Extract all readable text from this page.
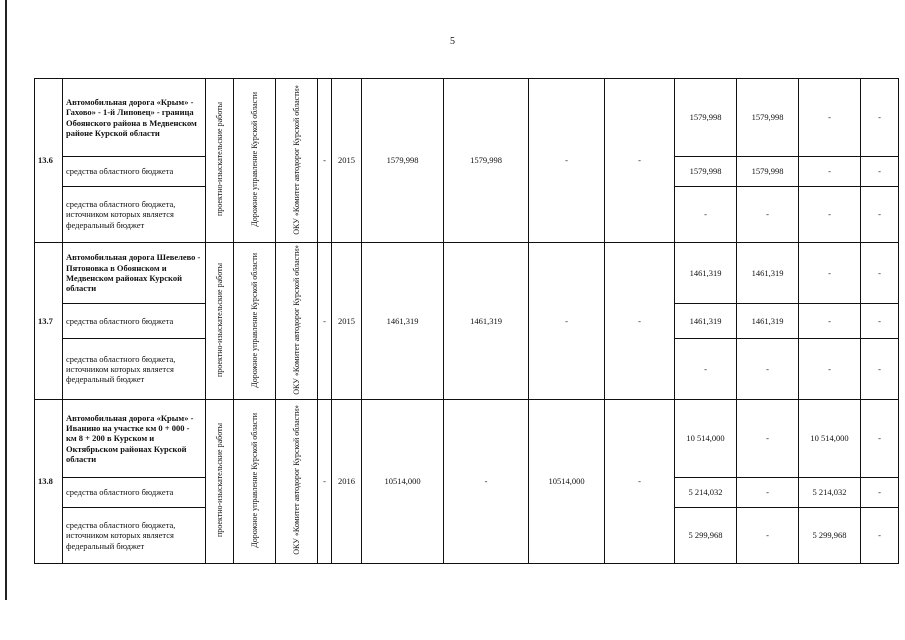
5
13.6	Автомобильная дорога «Крым» - Гахово» - 1-й Липовец» - граница Обоянского района в Медвенском районе Курской области	проектно-изыскательские работы	Дорожное управление Курской области	ОКУ «Комитет автодорог Курской области»	-	2015	1579,998	1579,998	-	-	1579,998	1579,998	-	-
	средства областного бюджета										1579,998	1579,998	-	-
	средства областного бюджета, источником которых является федеральный бюджет										-	-	-	-
13.7	Автомобильная дорога Шевелево - Пятоновка в Обоянском и Медвенском районах Курской области	проектно-изыскательские работы	Дорожное управление Курской области	ОКУ «Комитет автодорог Курской области»	-	2015	1461,319	1461,319	-	-	1461,319	1461,319	-	-
	средства областного бюджета										1461,319	1461,319	-	-
	средства областного бюджета, источником которых является федеральный бюджет										-	-	-	-
13.8	Автомобильная дорога «Крым» - Иванино на участке км 0 + 000 - км 8 + 200 в Курском и Октябрьском районах Курской области	проектно-изыскательские работы	Дорожное управление Курской области	ОКУ «Комитет автодорог Курской области»	-	2016	10514,000	-	10514,000	-	10 514,000	-	10 514,000	-
	средства областного бюджета										5 214,032	-	5 214,032	-
	средства областного бюджета, источником которых является федеральный бюджет										5 299,968	-	5 299,968	-
